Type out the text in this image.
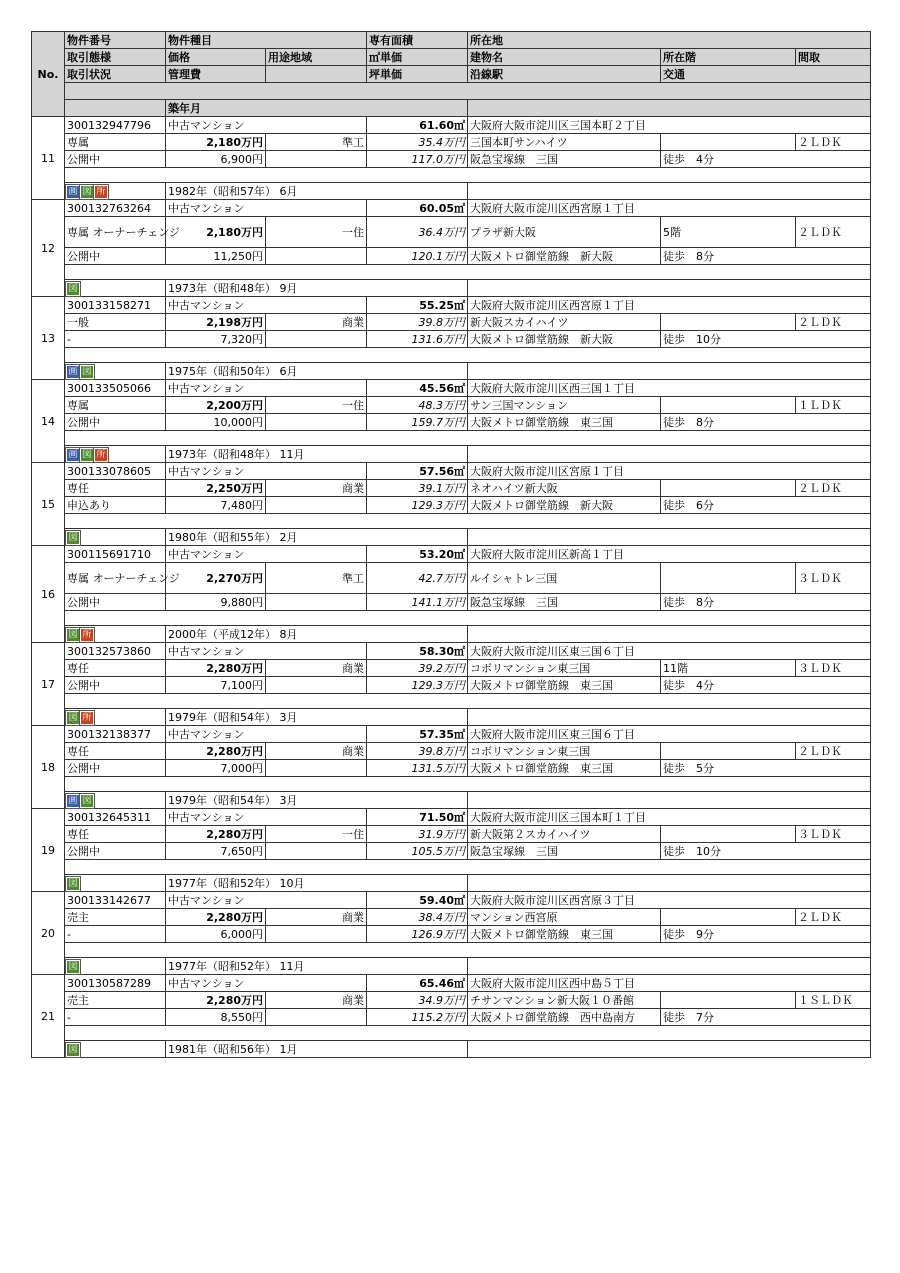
No.	物件番号	物件種目		専有面積	所在地		
	取引態様	価格	用途地域	㎡単価	建物名	所在階	間取
	取引状況	管理費		坪単価	沿線駅	交通	

		築年月					
11	300132947796	中古マンション		61.60㎡	大阪府大阪市淀川区三国本町２丁目		
	専属	2,180万円	準工	35.4万円	三国本町サンハイツ		２ＬＤＫ
	公開中	6,900円		117.0万円	阪急宝塚線　三国	徒歩　4分	

	画 図 所	1982年（昭和57年） 6月					
12	300132763264	中古マンション		60.05㎡	大阪府大阪市淀川区西宮原１丁目		
	専属 オーナーチェンジ	2,180万円	一住	36.4万円	プラザ新大阪	5階	２ＬＤＫ
	公開中	11,250円		120.1万円	大阪メトロ御堂筋線　新大阪	徒歩　8分	

	図	1973年（昭和48年） 9月					
13	300133158271	中古マンション		55.25㎡	大阪府大阪市淀川区西宮原１丁目		
	一般	2,198万円	商業	39.8万円	新大阪スカイハイツ		２ＬＤＫ
	-	7,320円		131.6万円	大阪メトロ御堂筋線　新大阪	徒歩　10分	

	画 図	1975年（昭和50年） 6月					
14	300133505066	中古マンション		45.56㎡	大阪府大阪市淀川区西三国１丁目		
	専属	2,200万円	一住	48.3万円	サン三国マンション		１ＬＤＫ
	公開中	10,000円		159.7万円	大阪メトロ御堂筋線　東三国	徒歩　8分	

	画 図 所	1973年（昭和48年） 11月					
15	300133078605	中古マンション		57.56㎡	大阪府大阪市淀川区宮原１丁目		
	専任	2,250万円	商業	39.1万円	ネオハイツ新大阪		２ＬＤＫ
	申込あり	7,480円		129.3万円	大阪メトロ御堂筋線　新大阪	徒歩　6分	

	図	1980年（昭和55年） 2月					
16	300115691710	中古マンション		53.20㎡	大阪府大阪市淀川区新高１丁目		
	専属 オーナーチェンジ	2,270万円	準工	42.7万円	ルイシャトレ三国		３ＬＤＫ
	公開中	9,880円		141.1万円	阪急宝塚線　三国	徒歩　8分	

	図 所	2000年（平成12年） 8月					
17	300132573860	中古マンション		58.30㎡	大阪府大阪市淀川区東三国６丁目		
	専任	2,280万円	商業	39.2万円	コボリマンション東三国	11階	３ＬＤＫ
	公開中	7,100円		129.3万円	大阪メトロ御堂筋線　東三国	徒歩　4分	

	図 所	1979年（昭和54年） 3月					
18	300132138377	中古マンション		57.35㎡	大阪府大阪市淀川区東三国６丁目		
	専任	2,280万円	商業	39.8万円	コボリマンション東三国		２ＬＤＫ
	公開中	7,000円		131.5万円	大阪メトロ御堂筋線　東三国	徒歩　5分	

	画 図	1979年（昭和54年） 3月					
19	300132645311	中古マンション		71.50㎡	大阪府大阪市淀川区三国本町１丁目		
	専任	2,280万円	一住	31.9万円	新大阪第２スカイハイツ		３ＬＤＫ
	公開中	7,650円		105.5万円	阪急宝塚線　三国	徒歩　10分	

	図	1977年（昭和52年） 10月					
20	300133142677	中古マンション		59.40㎡	大阪府大阪市淀川区西宮原３丁目		
	売主	2,280万円	商業	38.4万円	マンション西宮原		２ＬＤＫ
	-	6,000円		126.9万円	大阪メトロ御堂筋線　東三国	徒歩　9分	

	図	1977年（昭和52年） 11月					
21	300130587289	中古マンション		65.46㎡	大阪府大阪市淀川区西中島５丁目		
	売主	2,280万円	商業	34.9万円	チサンマンション新大阪１０番館		１ＳＬＤＫ
	-	8,550円		115.2万円	大阪メトロ御堂筋線　西中島南方	徒歩　7分	

	図	1981年（昭和56年） 1月					
